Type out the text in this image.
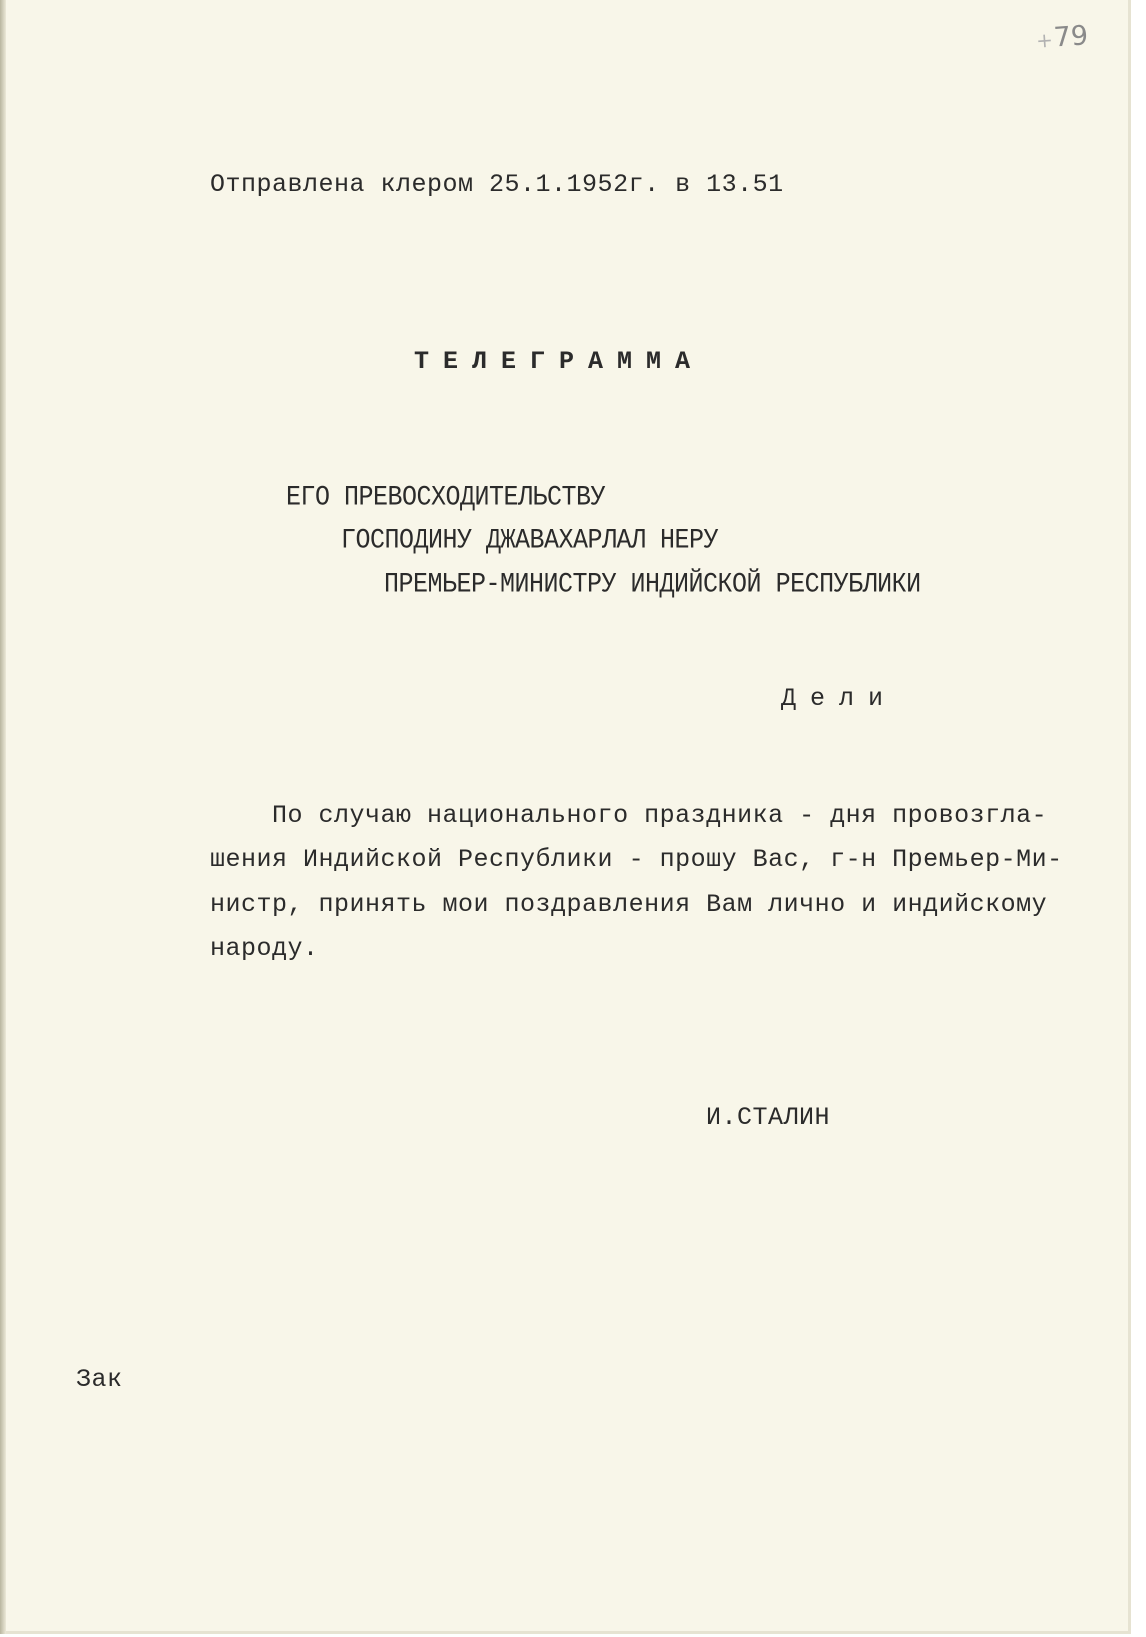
+79

Отправлена клером 25.1.1952г. в 13.51

ТЕЛЕГРАММА

ЕГО ПРЕВОСХОДИТЕЛЬСТВУ

ГОСПОДИНУ ДЖАВАХАРЛАЛ НЕРУ

ПРЕМЬЕР-МИНИСТРУ ИНДИЙСКОЙ РЕСПУБЛИКИ

Дели

По случаю национального праздника - дня провозгла-

шения Индийской Республики - прошу Вас, г-н Премьер-Ми-

нистр, принять мои поздравления Вам лично и индийскому

народу.

И.СТАЛИН

Зак
